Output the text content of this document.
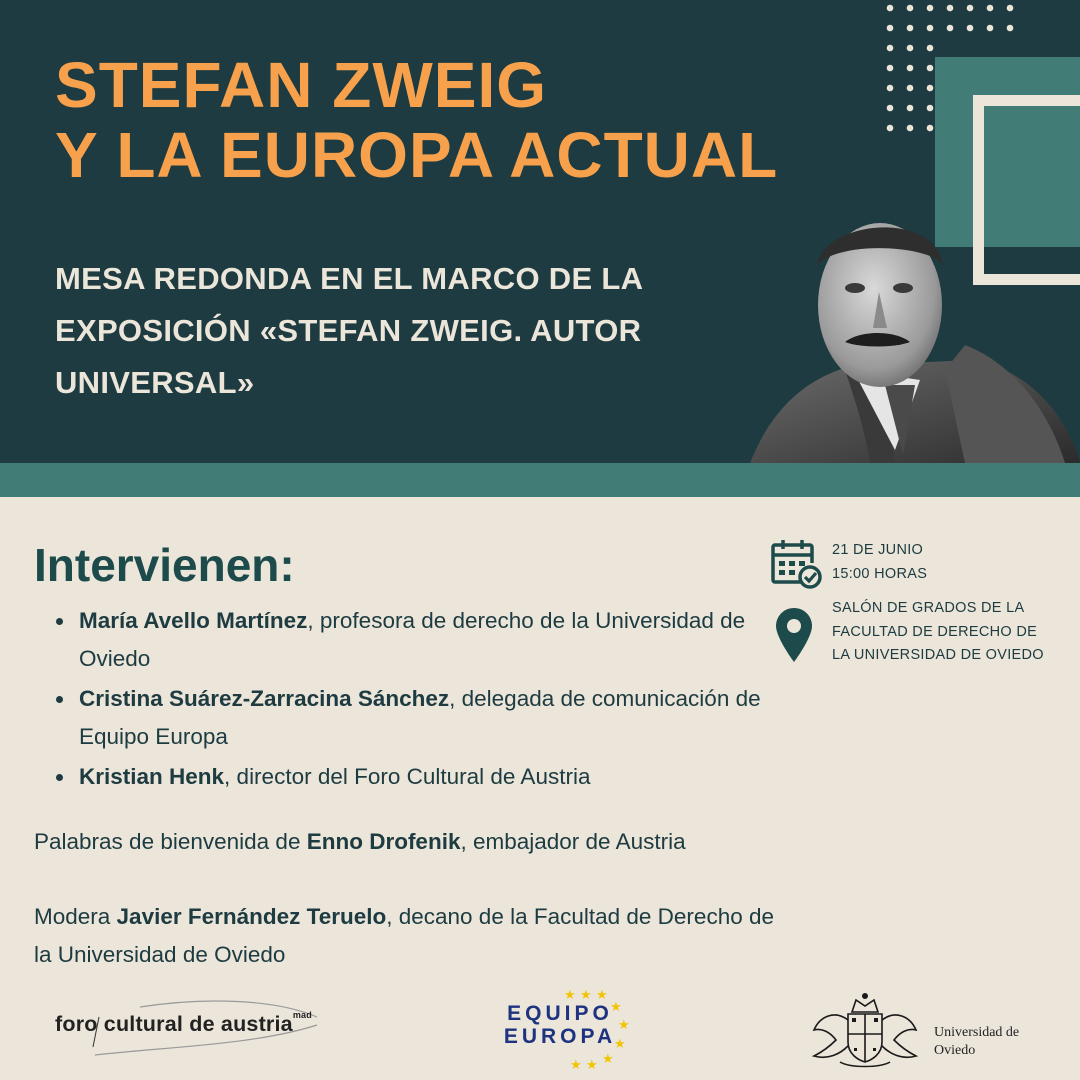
STEFAN ZWEIG
Y LA EUROPA ACTUAL

MESA REDONDA EN EL MARCO DE LA EXPOSICIÓN «STEFAN ZWEIG. AUTOR UNIVERSAL»

Intervienen:
María Avello Martínez, profesora de derecho de la Universidad de Oviedo
Cristina Suárez-Zarracina Sánchez, delegada de comunicación de Equipo Europa
Kristian Henk, director del Foro Cultural de Austria

Palabras de bienvenida de Enno Drofenik, embajador de Austria

Modera Javier Fernández Teruelo, decano de la Facultad de Derecho de la Universidad de Oviedo

21 DE JUNIO
15:00 HORAS

SALÓN DE GRADOS DE LA FACULTAD DE DERECHO DE LA UNIVERSIDAD DE OVIEDO

foro cultural de austria$^{mad}$
★ ★ ★
★
★
★
★
★
★
EQUIPO
EUROPA	Universidad de
Oviedo
